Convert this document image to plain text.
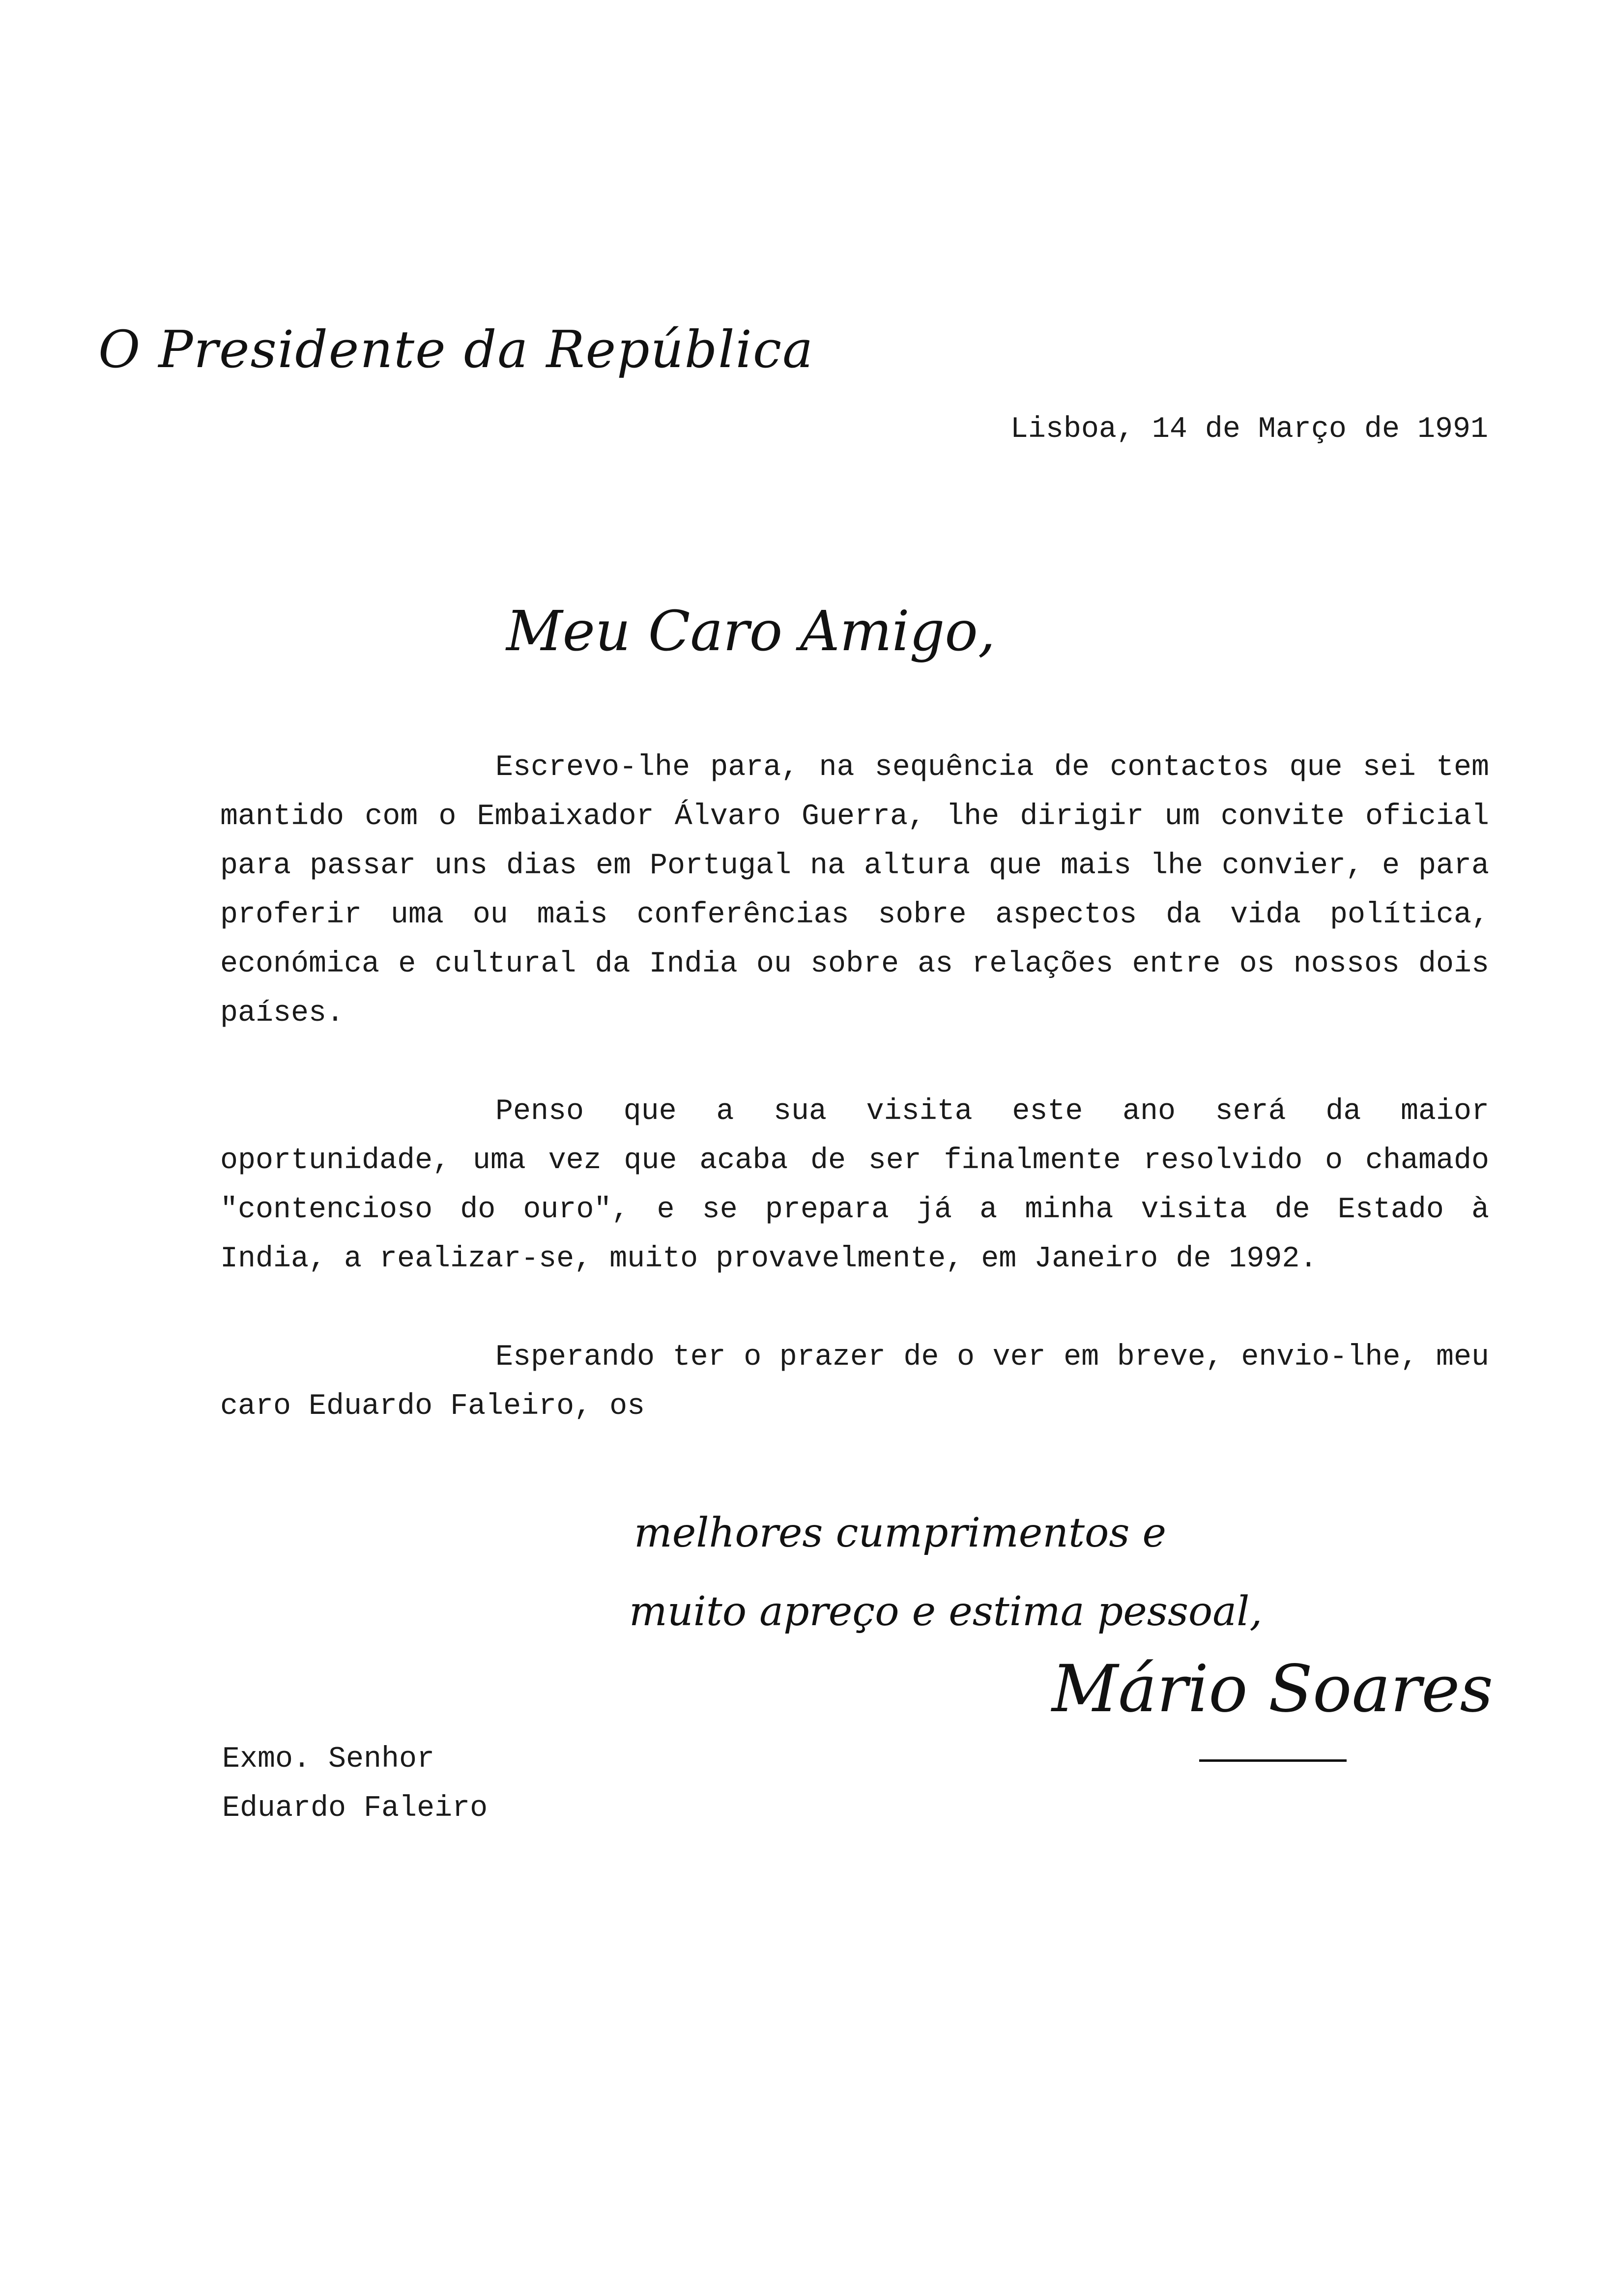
O Presidente da República
Lisboa, 14 de Março de 1991
Meu Caro Amigo,

Escrevo-lhe para, na sequência de contactos que sei tem mantido com o Embaixador Álvaro Guerra, lhe dirigir um convite oficial para passar uns dias em Portugal na altura que mais lhe convier, e para proferir uma ou mais conferências sobre aspectos da vida política, económica e cultural da India ou sobre as relações entre os nossos dois países.

Penso que a sua visita este ano será da maior oportunidade, uma vez que acaba de ser finalmente resolvido o chamado "contencioso do ouro", e se prepara já a minha visita de Estado à India, a realizar-se, muito provavelmente, em Janeiro de 1992.

Esperando ter o prazer de o ver em breve, envio-lhe, meu caro Eduardo Faleiro, os

melhores cumprimentos e
muito apreço e estima pessoal,
Mário Soares
Exmo. Senhor
Eduardo Faleiro
